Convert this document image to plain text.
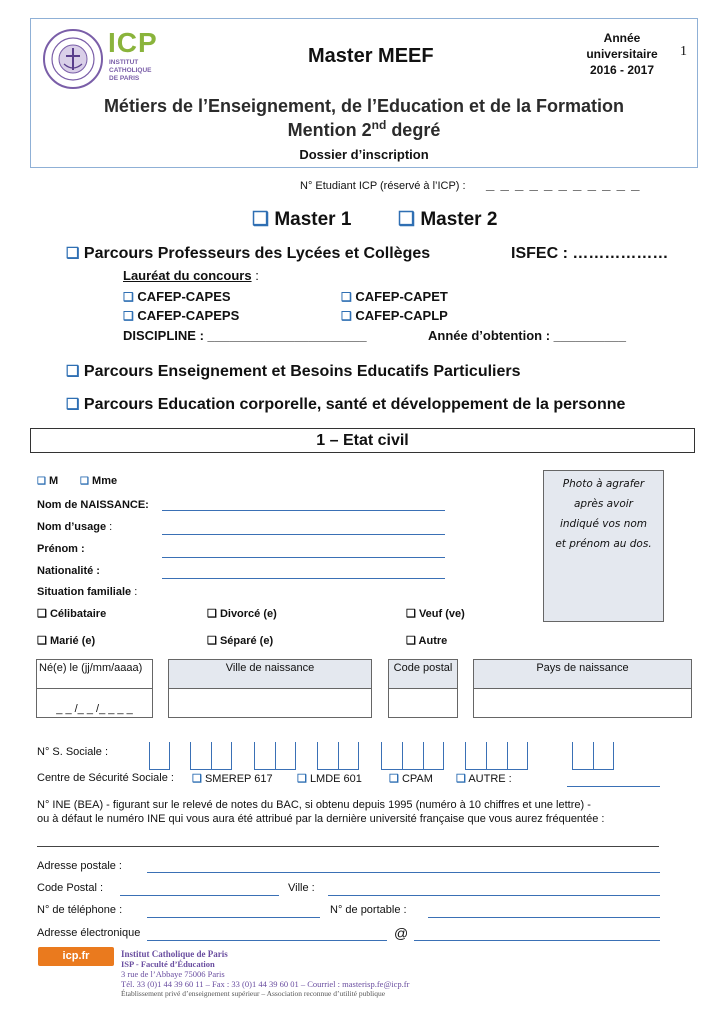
ICP
INSTITUT
CATHOLIQUE
DE PARIS
Master MEEF
Année
universitaire
2016 - 2017
1
Métiers de l’Enseignement, de l’Education et de la Formation
Mention 2nd degré
Dossier d’inscription
N° Etudiant ICP (réservé à l’ICP) : _ _ _ _ _ _ _ _ _ _ _
❑ Master 1 ❑ Master 2
❑ Parcours Professeurs des Lycées et Collèges	ISFEC : ………………
Lauréat du concours :
❑ CAFEP-CAPES	❑ CAFEP-CAPET
❑ CAFEP-CAPEPS	❑ CAFEP-CAPLP
DISCIPLINE : ______________________	Année d’obtention : __________
❑ Parcours Enseignement et Besoins Educatifs Particuliers
❑ Parcours Education corporelle, santé et développement de la personne
1 – Etat civil
❑ M ❑ Mme
Nom de NAISSANCE:
Nom d’usage :
Prénom :
Nationalité :
Situation familiale :
Photo à agrafer
après avoir
indiqué vos nom
et prénom au dos.
❑ Célibataire	❑ Divorcé (e)	❑ Veuf (ve)
❑ Marié (e)	❑ Séparé (e)	❑ Autre
Né(e) le (jj/mm/aaaa)	Ville de naissance	Code postal	Pays de naissance
_ _ /_ _ /_ _ _ _
N° S. Sociale :
Centre de Sécurité Sociale : ❑ SMEREP 617 ❑ LMDE 601 ❑ CPAM ❑ AUTRE :
N° INE (BEA) - figurant sur le relevé de notes du BAC, si obtenu depuis 1995 (numéro à 10 chiffres et une lettre) -
ou à défaut le numéro INE qui vous aura été attribué par la dernière université française que vous aurez fréquentée :
Adresse postale :
Code Postal :	Ville :
N° de téléphone :	N° de portable :
Adresse électronique	@
icp.fr	Institut Catholique de Paris
ISP - Faculté d’Éducation
3 rue de l’Abbaye 75006 Paris
Tél. 33 (0)1 44 39 60 11 – Fax : 33 (0)1 44 39 60 01 – Courriel : masterisp.fe@icp.fr
Établissement privé d’enseignement supérieur – Association reconnue d’utilité publique
